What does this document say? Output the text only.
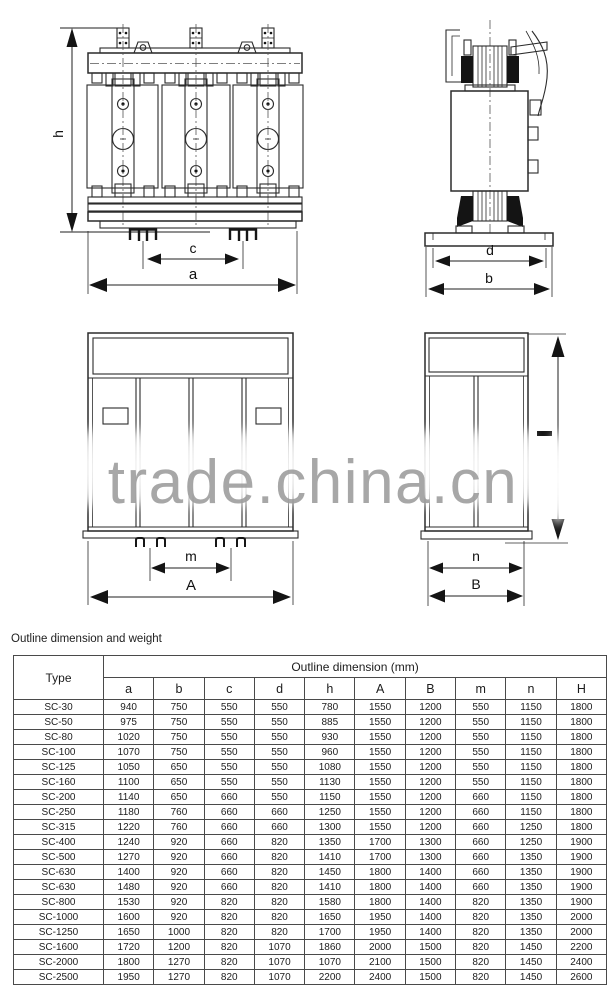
h
c
a
d
b
m
A
n
B
trade.china.cn
Outline dimension and weight
Type	Outline dimension (mm)									
	a	b	c	d	h	A	B	m	n	H
SC-30	940	750	550	550	780	1550	1200	550	1150	1800
SC-50	975	750	550	550	885	1550	1200	550	1150	1800
SC-80	1020	750	550	550	930	1550	1200	550	1150	1800
SC-100	1070	750	550	550	960	1550	1200	550	1150	1800
SC-125	1050	650	550	550	1080	1550	1200	550	1150	1800
SC-160	1100	650	550	550	1130	1550	1200	550	1150	1800
SC-200	1140	650	660	550	1150	1550	1200	660	1150	1800
SC-250	1180	760	660	660	1250	1550	1200	660	1150	1800
SC-315	1220	760	660	660	1300	1550	1200	660	1250	1800
SC-400	1240	920	660	820	1350	1700	1300	660	1250	1900
SC-500	1270	920	660	820	1410	1700	1300	660	1350	1900
SC-630	1400	920	660	820	1450	1800	1400	660	1350	1900
SC-630	1480	920	660	820	1410	1800	1400	660	1350	1900
SC-800	1530	920	820	820	1580	1800	1400	820	1350	1900
SC-1000	1600	920	820	820	1650	1950	1400	820	1350	2000
SC-1250	1650	1000	820	820	1700	1950	1400	820	1350	2000
SC-1600	1720	1200	820	1070	1860	2000	1500	820	1450	2200
SC-2000	1800	1270	820	1070	1070	2100	1500	820	1450	2400
SC-2500	1950	1270	820	1070	2200	2400	1500	820	1450	2600
